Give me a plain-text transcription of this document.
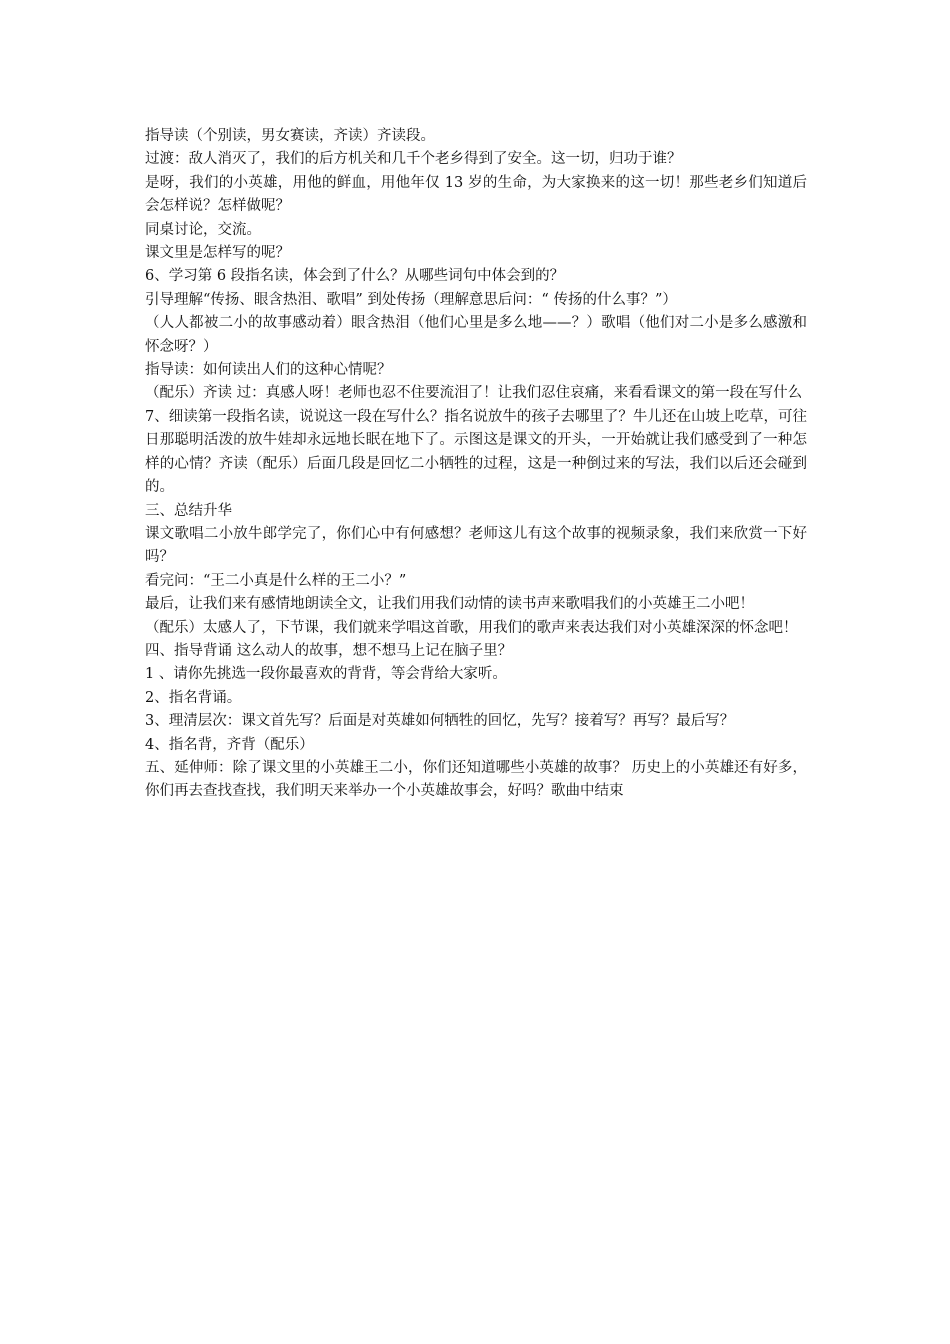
指导读（个别读，男女赛读，齐读）齐读段。

过渡：敌人消灭了，我们的后方机关和几千个老乡得到了安全。这一切，归功于谁？

是呀，我们的小英雄，用他的鲜血，用他年仅 13 岁的生命，为大家换来的这一切！那些老乡们知道后会怎样说？怎样做呢？

同桌讨论，交流。

课文里是怎样写的呢？

6、学习第 6 段指名读，体会到了什么？从哪些词句中体会到的？

引导理解“传扬、眼含热泪、歌唱” 到处传扬（理解意思后问：“ 传扬的什么事？”）

（人人都被二小的故事感动着）眼含热泪（他们心里是多么地——？）歌唱（他们对二小是多么感激和怀念呀？）

指导读：如何读出人们的这种心情呢？

（配乐）齐读 过：真感人呀！老师也忍不住要流泪了！让我们忍住哀痛，来看看课文的第一段在写什么

7、细读第一段指名读，说说这一段在写什么？指名说放牛的孩子去哪里了？牛儿还在山坡上吃草，可往日那聪明活泼的放牛娃却永远地长眠在地下了。示图这是课文的开头，一开始就让我们感受到了一种怎样的心情？齐读（配乐）后面几段是回忆二小牺牲的过程，这是一种倒过来的写法，我们以后还会碰到的。

三、总结升华

课文歌唱二小放牛郎学完了，你们心中有何感想？老师这儿有这个故事的视频录象，我们来欣赏一下好吗？

看完问：“王二小真是什么样的王二小？”

最后，让我们来有感情地朗读全文，让我们用我们动情的读书声来歌唱我们的小英雄王二小吧！

（配乐）太感人了，下节课，我们就来学唱这首歌，用我们的歌声来表达我们对小英雄深深的怀念吧！

四、指导背诵 这么动人的故事，想不想马上记在脑子里？

1 、请你先挑选一段你最喜欢的背背，等会背给大家听。

2、指名背诵。

3、理清层次：课文首先写？后面是对英雄如何牺牲的回忆，先写？接着写？再写？最后写？

4、指名背，齐背（配乐）

五、延伸师：除了课文里的小英雄王二小，你们还知道哪些小英雄的故事？ 历史上的小英雄还有好多，你们再去查找查找，我们明天来举办一个小英雄故事会，好吗？歌曲中结束
